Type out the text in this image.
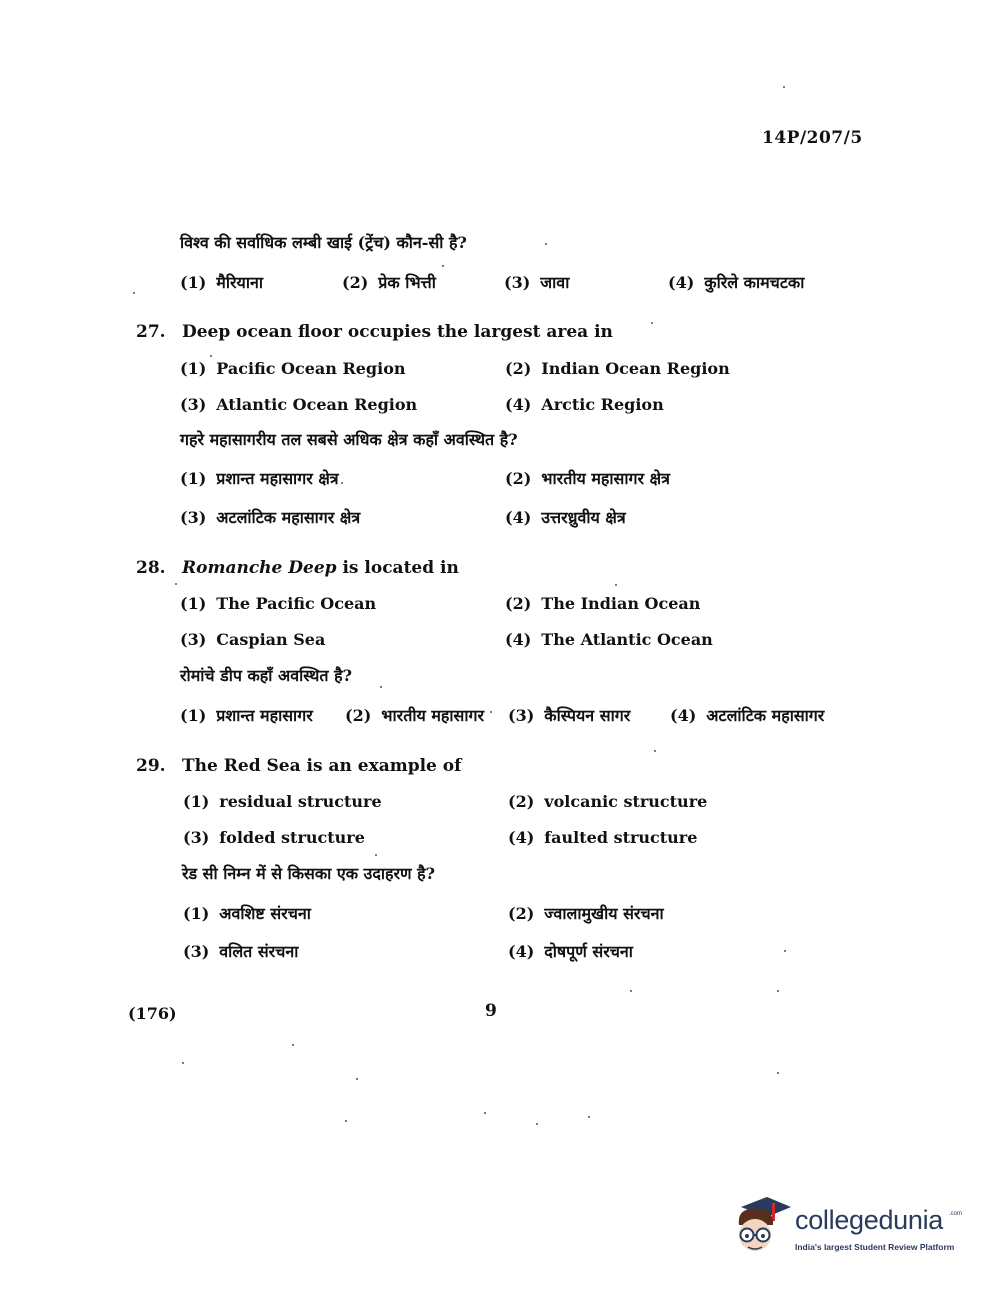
14P/207/5
विश्व की सर्वाधिक लम्बी खाई (ट्रेंच) कौन-सी है?
(1) मैरियाना	(2) प्रेक भित्ती	(3) जावा	(4) कुरिले कामचटका
27. Deep ocean floor occupies the largest area in
(1) Pacific Ocean Region	(2) Indian Ocean Region
(3) Atlantic Ocean Region	(4) Arctic Region
गहरे महासागरीय तल सबसे अधिक क्षेत्र कहाँ अवस्थित है?
(1) प्रशान्त महासागर क्षेत्र	(2) भारतीय महासागर क्षेत्र
(3) अटलांटिक महासागर क्षेत्र	(4) उत्तरध्रुवीय क्षेत्र
28. Romanche Deep is located in
(1) The Pacific Ocean	(2) The Indian Ocean
(3) Caspian Sea	(4) The Atlantic Ocean
रोमांचे डीप कहाँ अवस्थित है?
(1) प्रशान्त महासागर (2) भारतीय महासागर (3) कैस्पियन सागर (4) अटलांटिक महासागर
29. The Red Sea is an example of
(1) residual structure	(2) volcanic structure
(3) folded structure	(4) faulted structure
रेड सी निम्न में से किसका एक उदाहरण है?
(1) अवशिष्ट संरचना	(2) ज्वालामुखीय संरचना
(3) वलित संरचना	(4) दोषपूर्ण संरचना
(176)	9
collegedunia .com
India's largest Student Review Platform
